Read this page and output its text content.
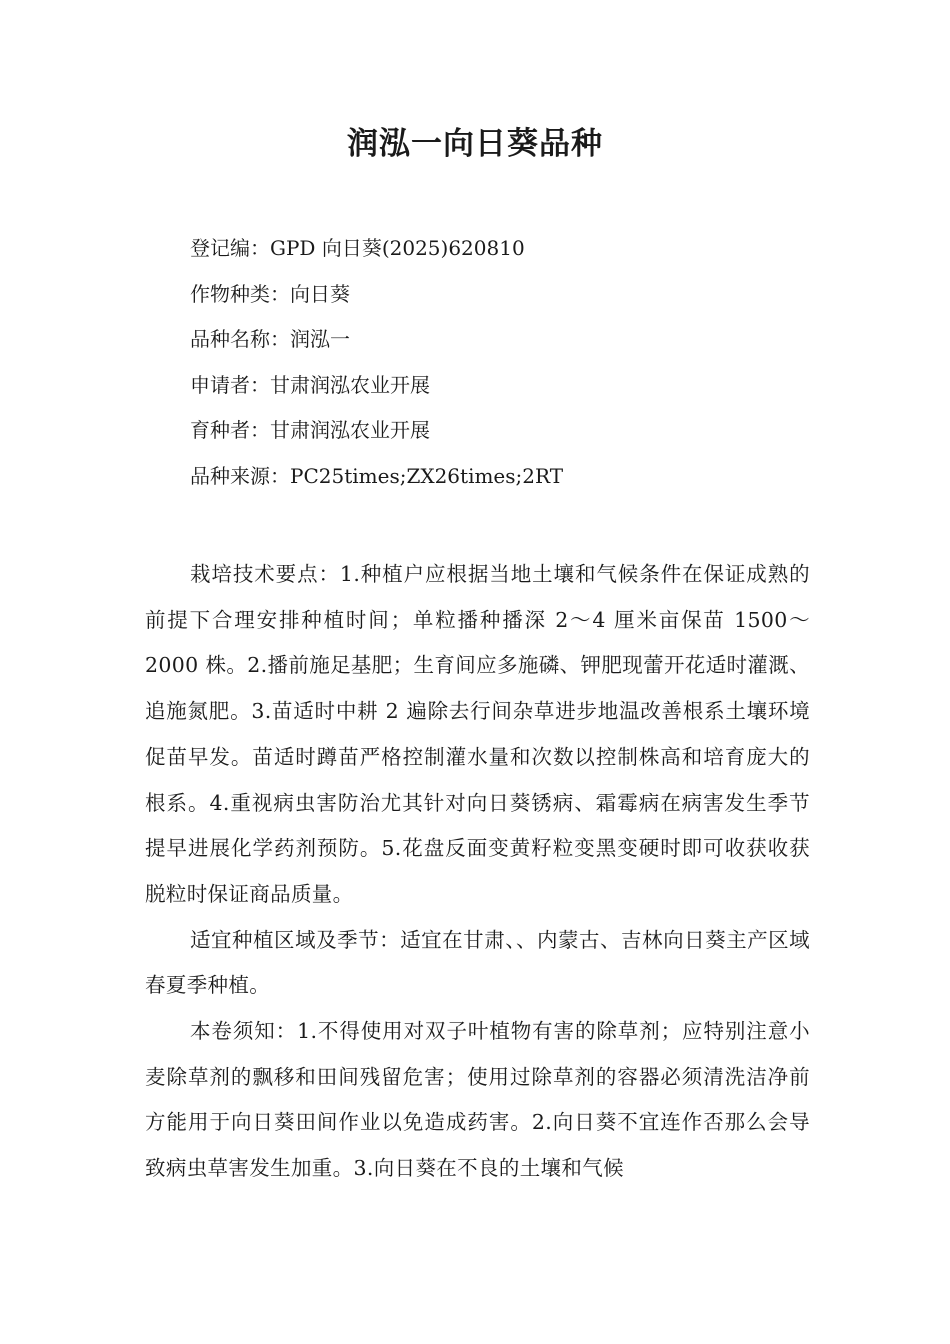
润泓一向日葵品种
登记编：GPD 向日葵(2025)620810
作物种类：向日葵
品种名称：润泓一
申请者：甘肃润泓农业开展
育种者：甘肃润泓农业开展
品种来源：PC25times;ZX26times;2RT

栽培技术要点：1.种植户应根据当地土壤和气候条件在保证成熟的前提下合理安排种植时间；单粒播种播深 2～4 厘米亩保苗 1500～2000 株。2.播前施足基肥；生育间应多施磷、钾肥现蕾开花适时灌溉、追施氮肥。3.苗适时中耕 2 遍除去行间杂草进步地温改善根系土壤环境促苗早发。苗适时蹲苗严格控制灌水量和次数以控制株高和培育庞大的根系。4.重视病虫害防治尤其针对向日葵锈病、霜霉病在病害发生季节提早进展化学药剂预防。5.花盘反面变黄籽粒变黑变硬时即可收获收获脱粒时保证商品质量。

适宜种植区域及季节：适宜在甘肃、、内蒙古、吉林向日葵主产区域春夏季种植。

本卷须知：1.不得使用对双子叶植物有害的除草剂；应特别注意小麦除草剂的飘移和田间残留危害；使用过除草剂的容器必须清洗洁净前方能用于向日葵田间作业以免造成药害。2.向日葵不宜连作否那么会导致病虫草害发生加重。3.向日葵在不良的土壤和气候
